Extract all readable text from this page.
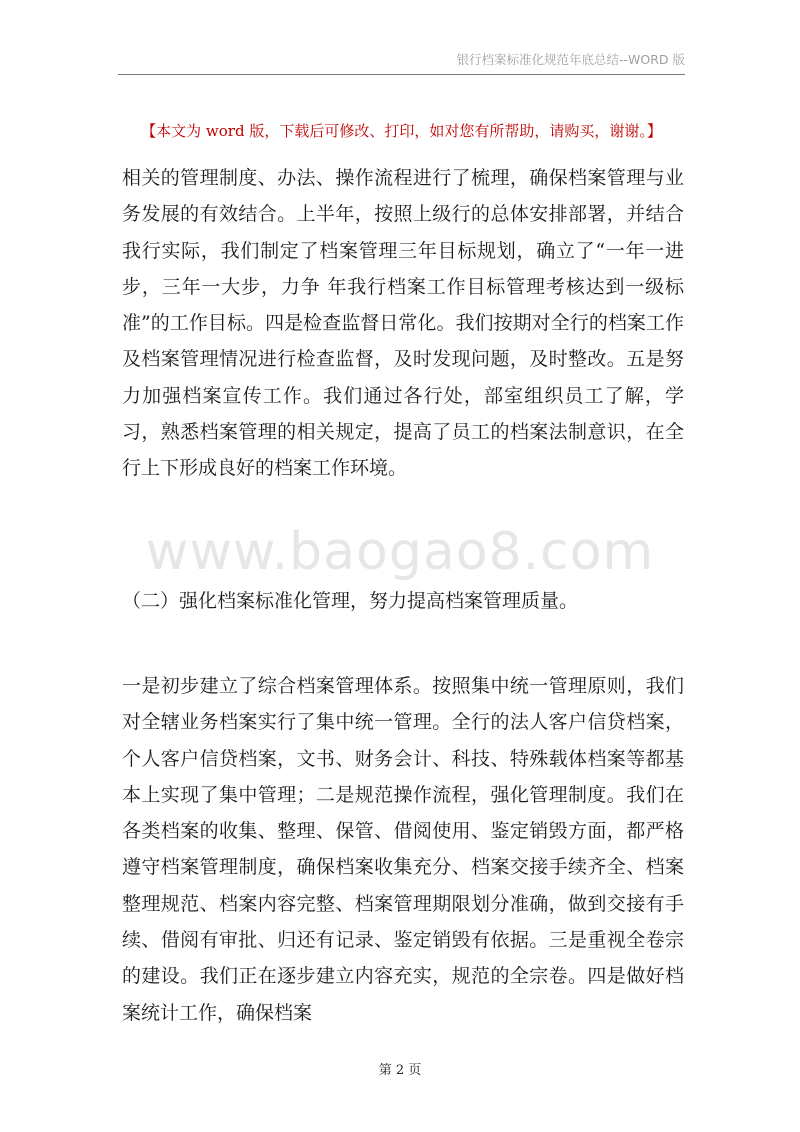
银行档案标准化规范年底总结--WORD 版
【本文为 word 版，下载后可修改、打印，如对您有所帮助，请购买，谢谢。】

相关的管理制度、办法、操作流程进行了梳理，确保档案管理与业务发展的有效结合。上半年，按照上级行的总体安排部署，并结合我行实际，我们制定了档案管理三年目标规划，确立了“一年一进步，三年一大步，力争 年我行档案工作目标管理考核达到一级标准”的工作目标。四是检查监督日常化。我们按期对全行的档案工作及档案管理情况进行检查监督，及时发现问题，及时整改。五是努力加强档案宣传工作。我们通过各行处，部室组织员工了解，学习，熟悉档案管理的相关规定，提高了员工的档案法制意识，在全行上下形成良好的档案工作环境。

www.baogao8.com

（二）强化档案标准化管理，努力提高档案管理质量。

一是初步建立了综合档案管理体系。按照集中统一管理原则，我们对全辖业务档案实行了集中统一管理。全行的法人客户信贷档案，个人客户信贷档案，文书、财务会计、科技、特殊载体档案等都基本上实现了集中管理；二是规范操作流程，强化管理制度。我们在各类档案的收集、整理、保管、借阅使用、鉴定销毁方面，都严格遵守档案管理制度，确保档案收集充分、档案交接手续齐全、档案整理规范、档案内容完整、档案管理期限划分准确，做到交接有手续、借阅有审批、归还有记录、鉴定销毁有依据。三是重视全卷宗的建设。我们正在逐步建立内容充实，规范的全宗卷。四是做好档案统计工作，确保档案

第 2 页
